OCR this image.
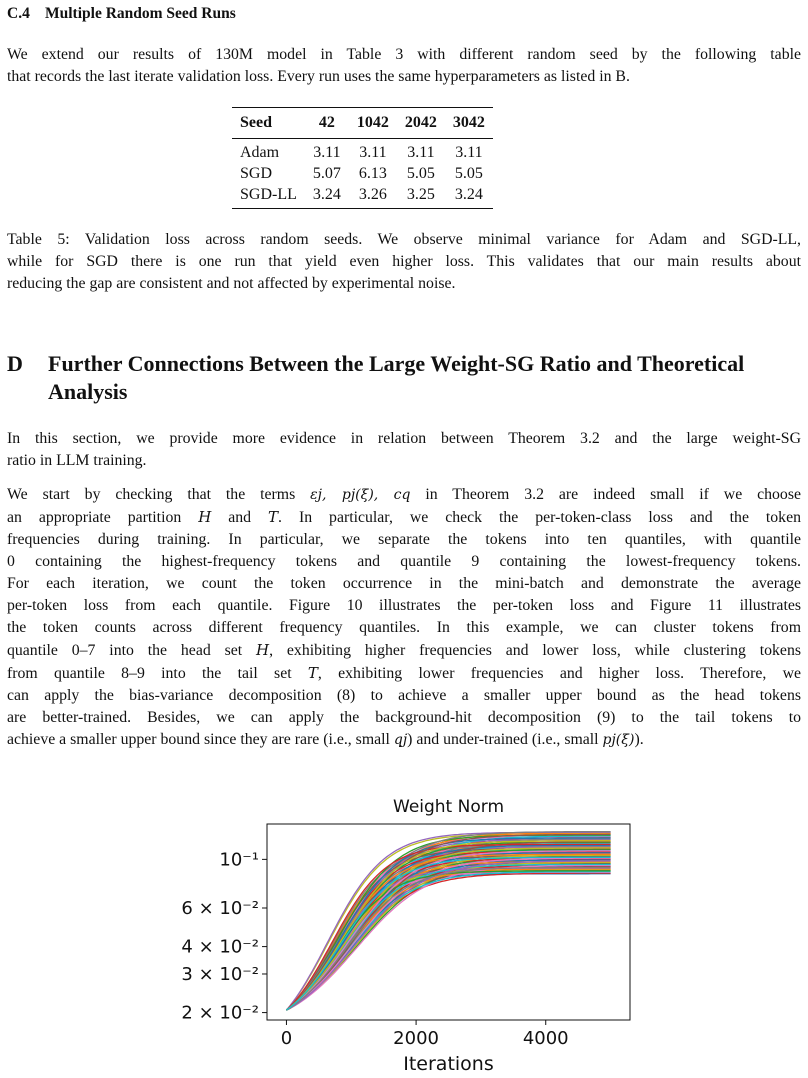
C.4 Multiple Random Seed Runs
We extend our results of 130M model in Table 3 with different random seed by the following table
that records the last iterate validation loss. Every run uses the same hyperparameters as listed in B.
Seed	42	1042	2042	3042

Adam	3.11	3.11	3.11	3.11
SGD	5.07	6.13	5.05	5.05
SGD-LL	3.24	3.26	3.25	3.24
Table 5: Validation loss across random seeds. We observe minimal variance for Adam and SGD-LL,
while for SGD there is one run that yield even higher loss. This validates that our main results about
reducing the gap are consistent and not affected by experimental noise.
D Further Connections Between the Large Weight-SG Ratio and Theoretical
Analysis
In this section, we provide more evidence in relation between Theorem 3.2 and the large weight-SG
ratio in LLM training.
We start by checking that the terms εj, pj(ξ), cq in Theorem 3.2 are indeed small if we choose
an appropriate partition H and T. In particular, we check the per-token-class loss and the token
frequencies during training. In particular, we separate the tokens into ten quantiles, with quantile
0 containing the highest-frequency tokens and quantile 9 containing the lowest-frequency tokens.
For each iteration, we count the token occurrence in the mini-batch and demonstrate the average
per-token loss from each quantile. Figure 10 illustrates the per-token loss and Figure 11 illustrates
the token counts across different frequency quantiles. In this example, we can cluster tokens from
quantile 0–7 into the head set H, exhibiting higher frequencies and lower loss, while clustering tokens
from quantile 8–9 into the tail set T, exhibiting lower frequencies and higher loss. Therefore, we
can apply the bias-variance decomposition (8) to achieve a smaller upper bound as the head tokens
are better-trained. Besides, we can apply the background-hit decomposition (9) to the tail tokens to
achieve a smaller upper bound since they are rare (i.e., small qj) and under-trained (i.e., small pj(ξ)).
Weight Norm
0	2000	4000
2 × 10⁻²
3 × 10⁻²
4 × 10⁻²
6 × 10⁻²
10⁻¹
Iterations
